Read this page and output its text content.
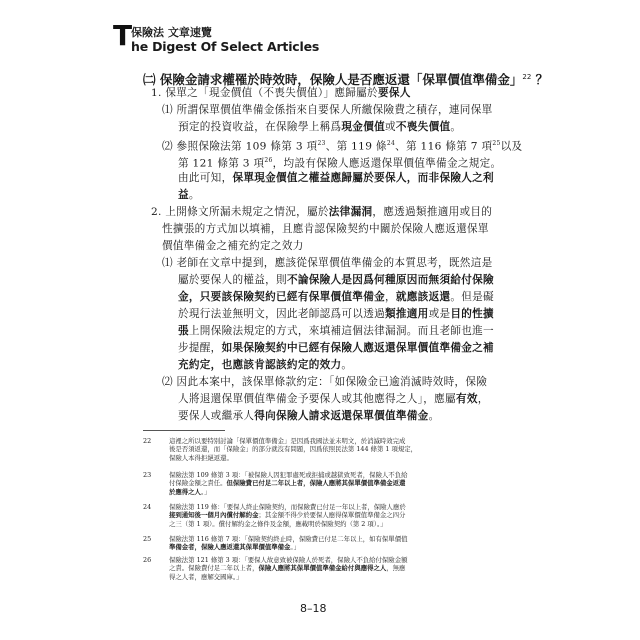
T
保險法 文章速覽
he Digest Of Select Articles
㈡ 保險金請求權罹於時效時，保險人是否應返還「保單價值準備金」$^{22}$ ？
1. 保單之「現金價值（不喪失價值）」應歸屬於要保人
⑴ 所謂保單價值準備金係指來自要保人所繳保險費之積存，連同保單
預定的投資收益，在保險學上稱爲現金價值或不喪失價值。
⑵ 參照保險法第 109 條第 3 項$^{23}$、第 119 條$^{24}$、第 116 條第 7 項$^{25}$以及
第 121 條第 3 項$^{26}$，均設有保險人應返還保單價值準備金之規定。
由此可知，保單現金價值之權益應歸屬於要保人，而非保險人之利
益。
2. 上開條文所漏未規定之情況，屬於法律漏洞，應透過類推適用或目的
性擴張的方式加以填補，且應肯認保險契約中關於保險人應返還保單
價值準備金之補充約定之效力
⑴ 老師在文章中提到，應該從保單價值準備金的本質思考，既然這是
屬於要保人的權益，則不論保險人是因爲何種原因而無須給付保險
金，只要該保險契約已經有保單價值準備金，就應該返還。但是礙
於現行法並無明文，因此老師認爲可以透過類推適用或是目的性擴
張上開保險法規定的方式，來填補這個法律漏洞。而且老師也進一
步提醒，如果保險契約中已經有保險人應返還保單價值準備金之補
充約定，也應該肯認該約定的效力。
⑵ 因此本案中，該保單條款約定：「如保險金已逾消滅時效時，保險
人將退還保單價值準備金予要保人或其他應得之人」，應屬有效，
要保人或繼承人得向保險人請求返還保單價值準備金。
22	這裡之所以要特別討論「保單價值準備金」是因爲我國法並未明文，於消滅時效完成
後是否須返還，而「保險金」的部分就沒有問題，因爲依照民法第 144 條第 1 項規定，
保險人本得拒絕返還。
23	保險法第 109 條第 3 項：「被保險人因犯罪處死或拒捕或越獄致死者，保險人不負給
付保險金額之責任。但保險費已付足二年以上者，保險人應將其保單價值準備金返還
於應得之人。」
24	保險法第 119 條：「要保人終止保險契約，而保險費已付足一年以上者，保險人應於
接到通知後一個月內償付解約金；其金額不得少於要保人應得保單價值準備金之四分
之三（第 1 項）。償付解約金之條件及金額，應載明於保險契約（第 2 項）。」
25	保險法第 116 條第 7 項：「保險契約終止時，保險費已付足二年以上，如有保單價值
準備金者，保險人應返還其保單價值準備金。」
26	保險法第 121 條第 3 項：「要保人故意致被保險人於死者，保險人不負給付保險金額
之責。保險費付足二年以上者，保險人應將其保單價值準備金給付與應得之人，無應
得之人者，應解交國庫。」
8–18
